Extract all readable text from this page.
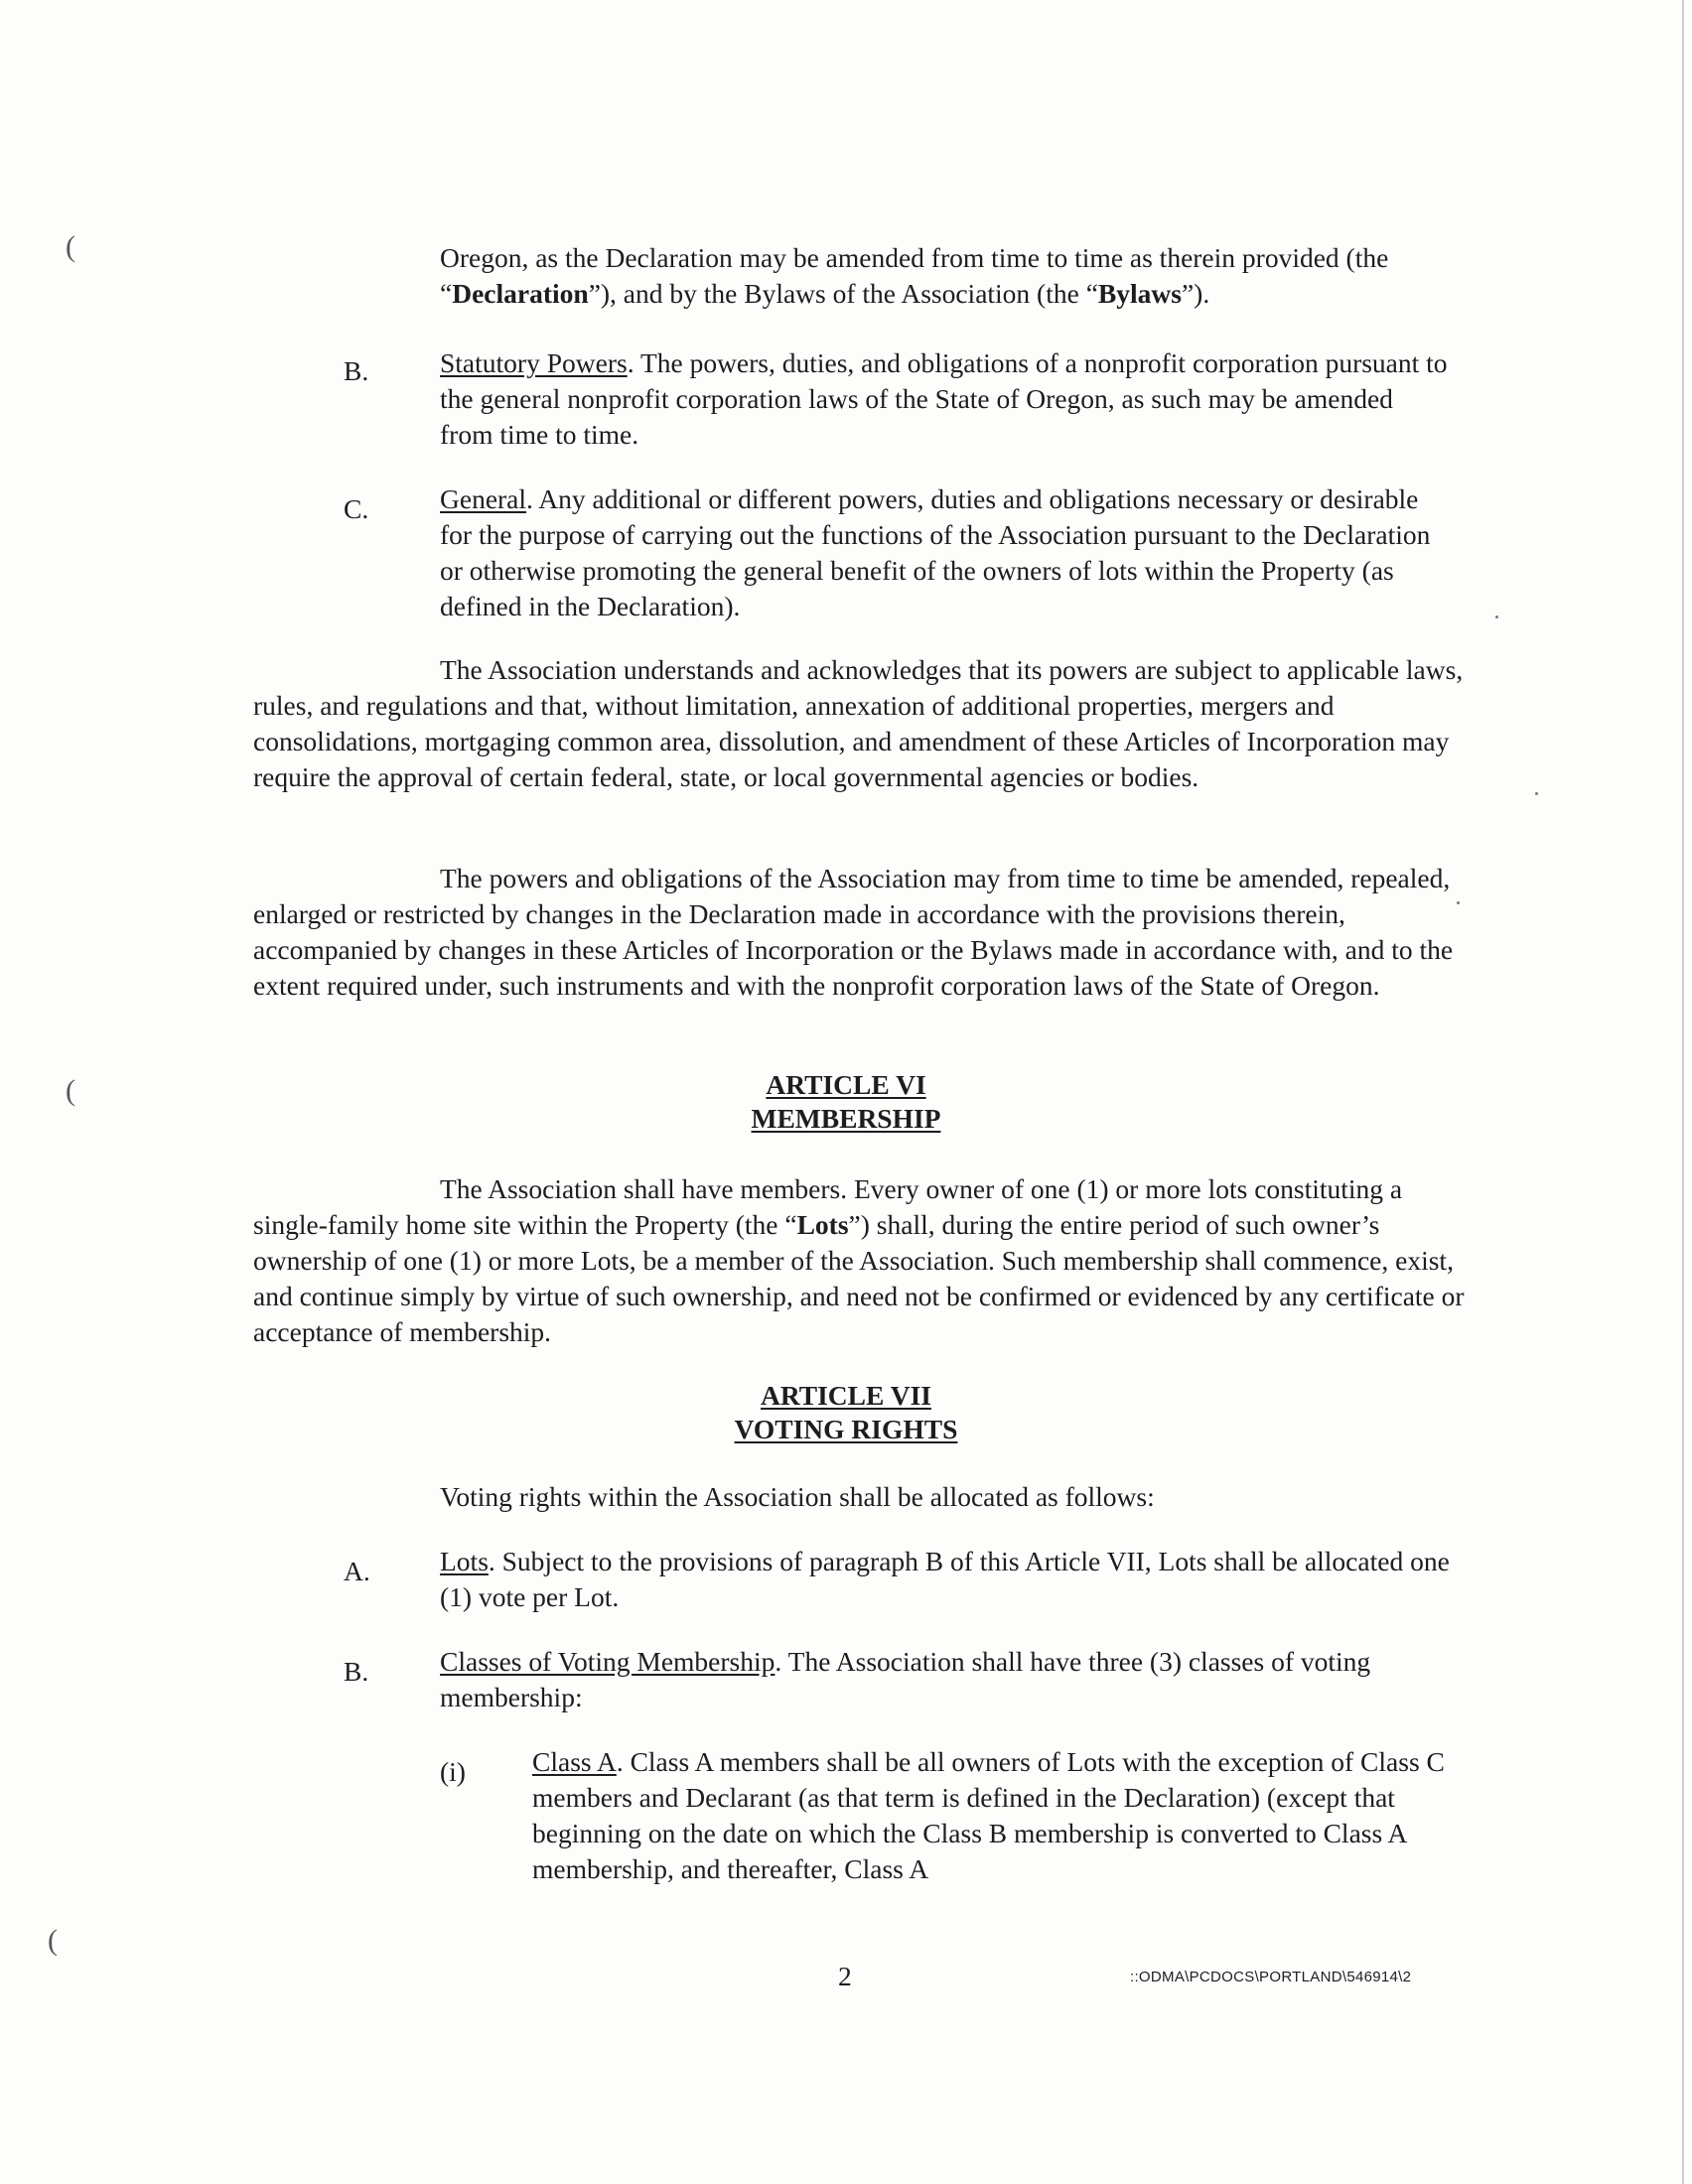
(
(
(

Oregon, as the Declaration may be amended from time to time as therein provided (the “Declaration”), and by the Bylaws of the Association (the “Bylaws”).

B.	Statutory Powers. The powers, duties, and obligations of a nonprofit corporation pursuant to the general nonprofit corporation laws of the State of Oregon, as such may be amended from time to time.

C.	General. Any additional or different powers, duties and obligations necessary or desirable for the purpose of carrying out the functions of the Association pursuant to the Declaration or otherwise promoting the general benefit of the owners of lots within the Property (as defined in the Declaration).

The Association understands and acknowledges that its powers are subject to applicable laws, rules, and regulations and that, without limitation, annexation of additional properties, mergers and consolidations, mortgaging common area, dissolution, and amendment of these Articles of Incorporation may require the approval of certain federal, state, or local governmental agencies or bodies.

The powers and obligations of the Association may from time to time be amended, repealed, enlarged or restricted by changes in the Declaration made in accordance with the provisions therein, accompanied by changes in these Articles of Incorporation or the Bylaws made in accordance with, and to the extent required under, such instruments and with the nonprofit corporation laws of the State of Oregon.

ARTICLE VI
MEMBERSHIP

The Association shall have members. Every owner of one (1) or more lots constituting a single-family home site within the Property (the “Lots”) shall, during the entire period of such owner’s ownership of one (1) or more Lots, be a member of the Association. Such membership shall commence, exist, and continue simply by virtue of such ownership, and need not be confirmed or evidenced by any certificate or acceptance of membership.

ARTICLE VII
VOTING RIGHTS

Voting rights within the Association shall be allocated as follows:

A.	Lots. Subject to the provisions of paragraph B of this Article VII, Lots shall be allocated one (1) vote per Lot.

B.	Classes of Voting Membership. The Association shall have three (3) classes of voting membership:

(i) Class A. Class A members shall be all owners of Lots with the exception of Class C members and Declarant (as that term is defined in the Declaration) (except that beginning on the date on which the Class B membership is converted to Class A membership, and thereafter, Class A

2	::ODMA\PCDOCS\PORTLAND\546914\2
